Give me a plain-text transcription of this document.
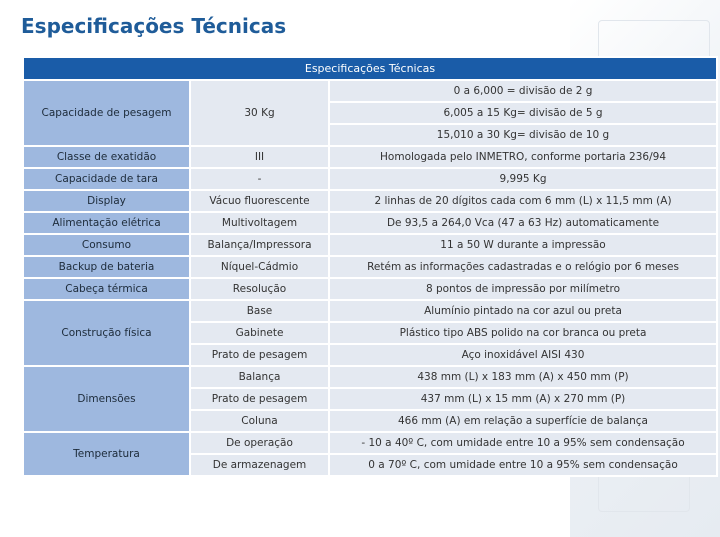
Especificações Técnicas
Especificações Técnicas		
Capacidade de pesagem	30 Kg	0 a 6,000 = divisão de 2 g
		6,005 a 15 Kg= divisão de 5 g
		15,010 a 30 Kg= divisão de 10 g
Classe de exatidão	III	Homologada pelo INMETRO, conforme portaria 236/94
Capacidade de tara	-	9,995 Kg
Display	Vácuo fluorescente	2 linhas de 20 dígitos cada com 6 mm (L) x 11,5 mm (A)
Alimentação elétrica	Multivoltagem	De 93,5 a 264,0 Vca (47 a 63 Hz) automaticamente
Consumo	Balança/Impressora	11 a 50 W durante a impressão
Backup de bateria	Níquel-Cádmio	Retém as informações cadastradas e o relógio por 6 meses
Cabeça térmica	Resolução	8 pontos de impressão por milímetro
Construção física	Base	Alumínio pintado na cor azul ou preta
	Gabinete	Plástico tipo ABS polido na cor branca ou preta
	Prato de pesagem	Aço inoxidável AISI 430
Dimensões	Balança	438 mm (L) x 183 mm (A) x 450 mm (P)
	Prato de pesagem	437 mm (L) x 15 mm (A) x 270 mm (P)
	Coluna	466 mm (A) em relação a superfície de balança
Temperatura	De operação	- 10 a 40º C, com umidade entre 10 a 95% sem condensação
	De armazenagem	0 a 70º C, com umidade entre 10 a 95% sem condensação
